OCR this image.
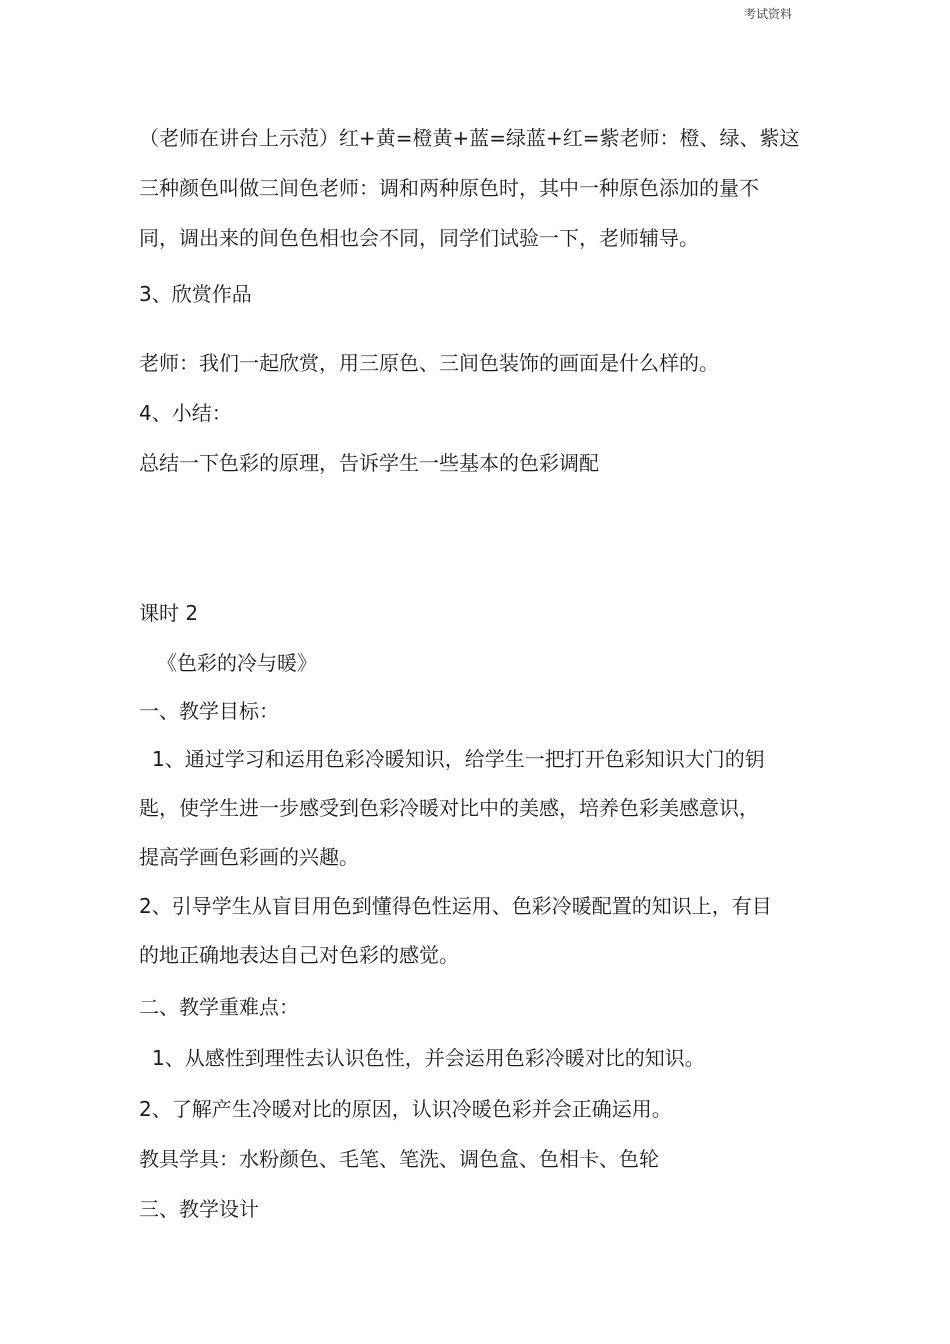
考试资料
（老师在讲台上示范）红+黄=橙黄+蓝=绿蓝+红=紫老师：橙、绿、紫这
三种颜色叫做三间色老师：调和两种原色时，其中一种原色添加的量不
同，调出来的间色色相也会不同，同学们试验一下，老师辅导。
3、欣赏作品
老师：我们一起欣赏，用三原色、三间色装饰的画面是什么样的。
4、小结：
总结一下色彩的原理，告诉学生一些基本的色彩调配
课时 2
《色彩的冷与暖》
一、教学目标：
1、通过学习和运用色彩冷暖知识，给学生一把打开色彩知识大门的钥
匙，使学生进一步感受到色彩冷暖对比中的美感，培养色彩美感意识，
提高学画色彩画的兴趣。
2、引导学生从盲目用色到懂得色性运用、色彩冷暖配置的知识上，有目
的地正确地表达自己对色彩的感觉。
二、教学重难点：
1、从感性到理性去认识色性，并会运用色彩冷暖对比的知识。
2、了解产生冷暖对比的原因，认识冷暖色彩并会正确运用。
教具学具：水粉颜色、毛笔、笔洗、调色盒、色相卡、色轮
三、教学设计
